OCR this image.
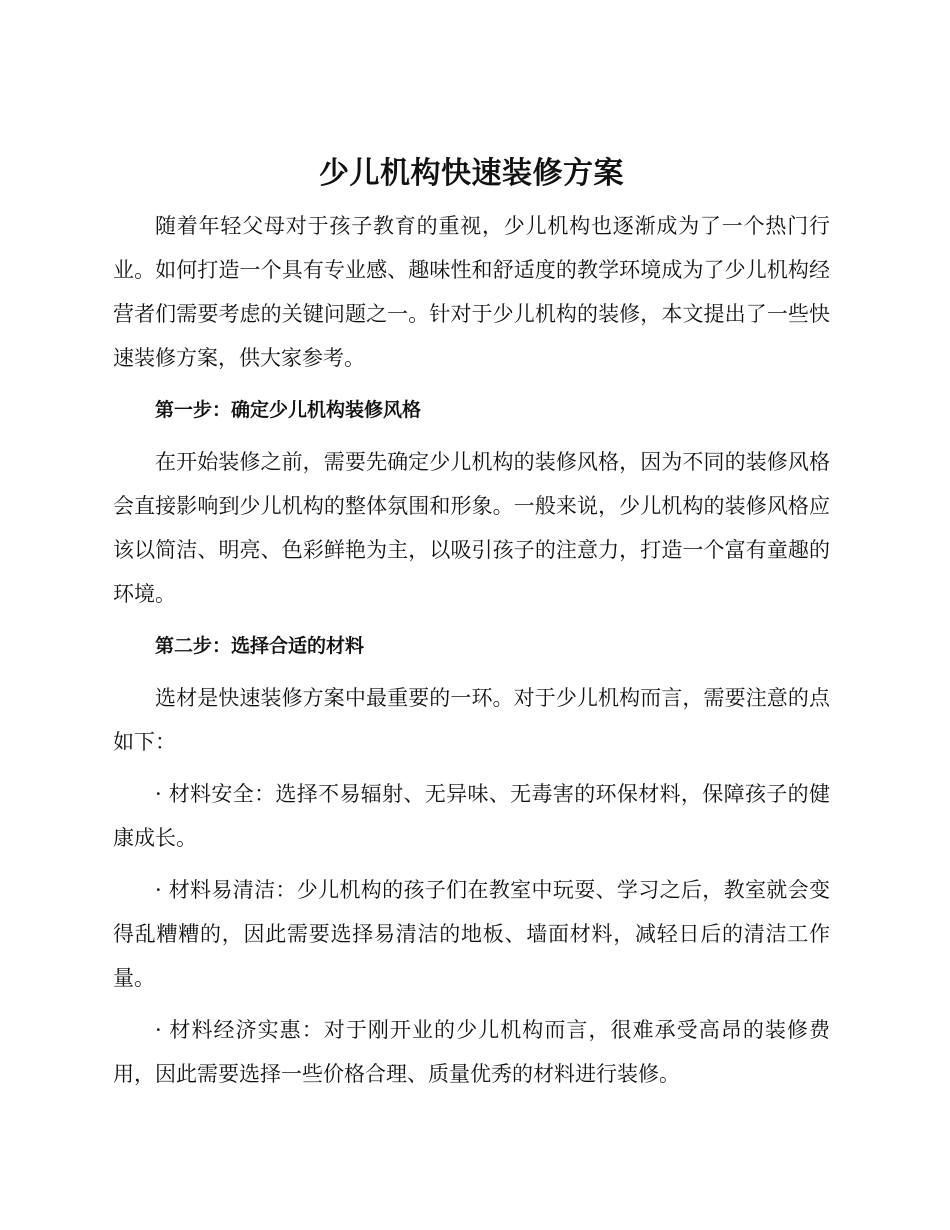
少儿机构快速装修方案

随着年轻父母对于孩子教育的重视，少儿机构也逐渐成为了一个热门行业。如何打造一个具有专业感、趣味性和舒适度的教学环境成为了少儿机构经营者们需要考虑的关键问题之一。针对于少儿机构的装修，本文提出了一些快速装修方案，供大家参考。

第一步：确定少儿机构装修风格

在开始装修之前，需要先确定少儿机构的装修风格，因为不同的装修风格会直接影响到少儿机构的整体氛围和形象。一般来说，少儿机构的装修风格应该以简洁、明亮、色彩鲜艳为主，以吸引孩子的注意力，打造一个富有童趣的环境。

第二步：选择合适的材料

选材是快速装修方案中最重要的一环。对于少儿机构而言，需要注意的点如下：

· 材料安全：选择不易辐射、无异味、无毒害的环保材料，保障孩子的健康成长。

· 材料易清洁：少儿机构的孩子们在教室中玩耍、学习之后，教室就会变得乱糟糟的，因此需要选择易清洁的地板、墙面材料，减轻日后的清洁工作量。

· 材料经济实惠：对于刚开业的少儿机构而言，很难承受高昂的装修费用，因此需要选择一些价格合理、质量优秀的材料进行装修。
